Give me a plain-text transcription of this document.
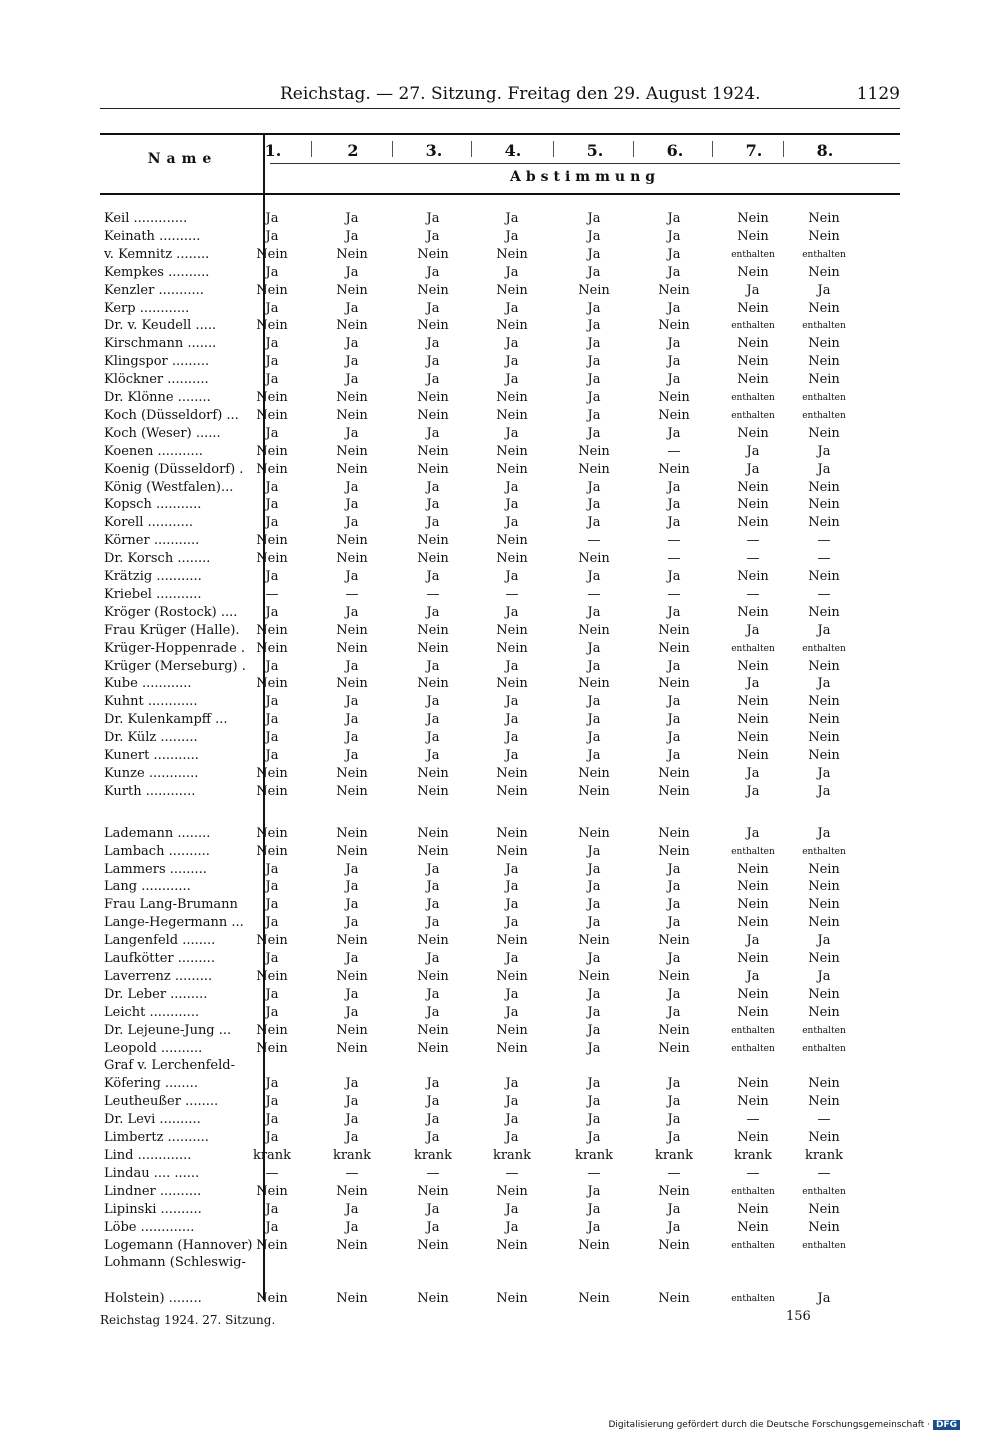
Reichstag. — 27. Sitzung. Freitag den 29. August 1924.	1129
Name	1.	2	3.	4.	5.	6.	7.	8.
Abstimmung
Keil .............	Ja	Ja	Ja	Ja	Ja	Ja	Nein	Nein
Keinath ..........	Ja	Ja	Ja	Ja	Ja	Ja	Nein	Nein
v. Kemnitz ........	Nein	Nein	Nein	Nein	Ja	Ja	enthalten	enthalten
Kempkes ..........	Ja	Ja	Ja	Ja	Ja	Ja	Nein	Nein
Kenzler ...........	Nein	Nein	Nein	Nein	Nein	Nein	Ja	Ja
Kerp ............	Ja	Ja	Ja	Ja	Ja	Ja	Nein	Nein
Dr. v. Keudell .....	Nein	Nein	Nein	Nein	Ja	Nein	enthalten	enthalten
Kirschmann .......	Ja	Ja	Ja	Ja	Ja	Ja	Nein	Nein
Klingspor .........	Ja	Ja	Ja	Ja	Ja	Ja	Nein	Nein
Klöckner ..........	Ja	Ja	Ja	Ja	Ja	Ja	Nein	Nein
Dr. Klönne ........	Nein	Nein	Nein	Nein	Ja	Nein	enthalten	enthalten
Koch (Düsseldorf) ...	Nein	Nein	Nein	Nein	Ja	Nein	enthalten	enthalten
Koch (Weser) ......	Ja	Ja	Ja	Ja	Ja	Ja	Nein	Nein
Koenen ...........	Nein	Nein	Nein	Nein	Nein	—	Ja	Ja
Koenig (Düsseldorf) . Nein	Nein	Nein	Nein	Nein	Nein	Ja	Ja
König (Westfalen)...	Ja	Ja	Ja	Ja	Ja	Ja	Nein	Nein
Kopsch ...........	Ja	Ja	Ja	Ja	Ja	Ja	Nein	Nein
Korell ...........	Ja	Ja	Ja	Ja	Ja	Ja	Nein	Nein
Körner ...........	Nein	Nein	Nein	Nein	—	—	—	—
Dr. Korsch ........	Nein	Nein	Nein	Nein	Nein	—	—	—
Krätzig ...........	Ja	Ja	Ja	Ja	Ja	Ja	Nein	Nein
Kriebel ...........	—	—	—	—	—	—	—	—
Kröger (Rostock) ....	Ja	Ja	Ja	Ja	Ja	Ja	Nein	Nein
Frau Krüger (Halle).	Nein	Nein	Nein	Nein	Nein	Nein	Ja	Ja
Krüger-Hoppenrade . Nein	Nein	Nein	Nein	Ja	Nein	enthalten	enthalten
Krüger (Merseburg) .	Ja	Ja	Ja	Ja	Ja	Ja	Nein	Nein
Kube ............	Nein	Nein	Nein	Nein	Nein	Nein	Ja	Ja
Kuhnt ............	Ja	Ja	Ja	Ja	Ja	Ja	Nein	Nein
Dr. Kulenkampff ...	Ja	Ja	Ja	Ja	Ja	Ja	Nein	Nein
Dr. Külz .........	Ja	Ja	Ja	Ja	Ja	Ja	Nein	Nein
Kunert ...........	Ja	Ja	Ja	Ja	Ja	Ja	Nein	Nein
Kunze ............	Nein	Nein	Nein	Nein	Nein	Nein	Ja	Ja
Kurth ............	Nein	Nein	Nein	Nein	Nein	Nein	Ja	Ja
Lademann ........	Nein	Nein	Nein	Nein	Nein	Nein	Ja	Ja
Lambach ..........	Nein	Nein	Nein	Nein	Ja	Nein	enthalten	enthalten
Lammers .........	Ja	Ja	Ja	Ja	Ja	Ja	Nein	Nein
Lang ............	Ja	Ja	Ja	Ja	Ja	Ja	Nein	Nein
Frau Lang-Brumann	Ja	Ja	Ja	Ja	Ja	Ja	Nein	Nein
Lange-Hegermann ...	Ja	Ja	Ja	Ja	Ja	Ja	Nein	Nein
Langenfeld ........	Nein	Nein	Nein	Nein	Nein	Nein	Ja	Ja
Laufkötter .........	Ja	Ja	Ja	Ja	Ja	Ja	Nein	Nein
Laverrenz .........	Nein	Nein	Nein	Nein	Nein	Nein	Ja	Ja
Dr. Leber .........	Ja	Ja	Ja	Ja	Ja	Ja	Nein	Nein
Leicht ............	Ja	Ja	Ja	Ja	Ja	Ja	Nein	Nein
Dr. Lejeune-Jung ...	Nein	Nein	Nein	Nein	Ja	Nein	enthalten	enthalten
Leopold ..........	Nein	Nein	Nein	Nein	Ja	Nein	enthalten	enthalten
Graf v. Lerchenfeld-
Köfering ........	Ja	Ja	Ja	Ja	Ja	Ja	Nein	Nein
Leutheußer ........	Ja	Ja	Ja	Ja	Ja	Ja	Nein	Nein
Dr. Levi ..........	Ja	Ja	Ja	Ja	Ja	Ja	—	—
Limbertz ..........	Ja	Ja	Ja	Ja	Ja	Ja	Nein	Nein
Lind .............	krank	krank	krank	krank	krank	krank	krank	krank
Lindau .... ......	—	—	—	—	—	—	—	—
Lindner ..........	Nein	Nein	Nein	Nein	Ja	Nein	enthalten	enthalten
Lipinski ..........	Ja	Ja	Ja	Ja	Ja	Ja	Nein	Nein
Löbe .............	Ja	Ja	Ja	Ja	Ja	Ja	Nein	Nein
Logemann (Hannover) Nein	Nein	Nein	Nein	Nein	Nein	enthalten	enthalten
Lohmann (Schleswig-
Holstein) ........	Nein	Nein	Nein	Nein	Nein	Nein	enthalten	Ja
Reichstag 1924. 27. Sitzung.	156
Digitalisierung gefördert durch die Deutsche Forschungsgemeinschaft · DFG
